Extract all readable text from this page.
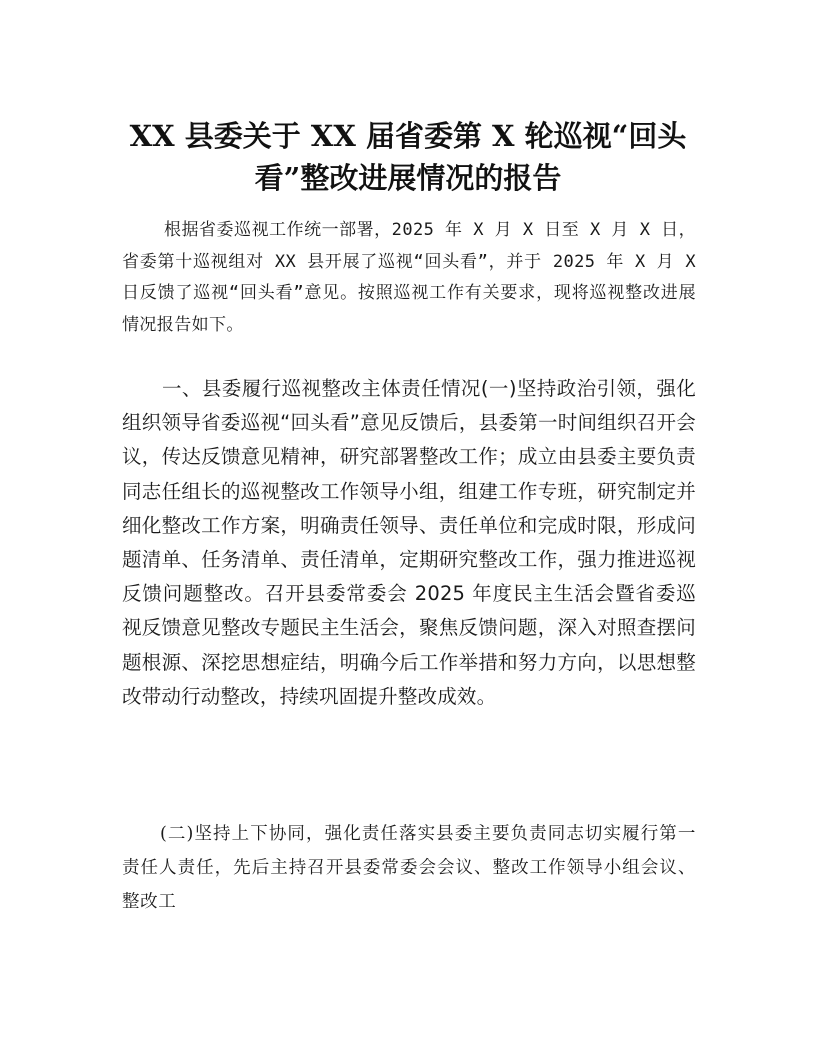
XX 县委关于 XX 届省委第 X 轮巡视“回头
看”整改进展情况的报告

根据省委巡视工作统一部署，2025 年 X 月 X 日至 X 月 X 日，省委第十巡视组对 XX 县开展了巡视“回头看”，并于 2025 年 X 月 X 日反馈了巡视“回头看”意见。按照巡视工作有关要求，现将巡视整改进展情况报告如下。

一、县委履行巡视整改主体责任情况(一)坚持政治引领，强化组织领导省委巡视“回头看”意见反馈后，县委第一时间组织召开会议，传达反馈意见精神，研究部署整改工作；成立由县委主要负责同志任组长的巡视整改工作领导小组，组建工作专班，研究制定并细化整改工作方案，明确责任领导、责任单位和完成时限，形成问题清单、任务清单、责任清单，定期研究整改工作，强力推进巡视反馈问题整改。召开县委常委会 2025 年度民主生活会暨省委巡视反馈意见整改专题民主生活会，聚焦反馈问题，深入对照查摆问题根源、深挖思想症结，明确今后工作举措和努力方向，以思想整改带动行动整改，持续巩固提升整改成效。

(二)坚持上下协同，强化责任落实县委主要负责同志切实履行第一责任人责任，先后主持召开县委常委会会议、整改工作领导小组会议、整改工
